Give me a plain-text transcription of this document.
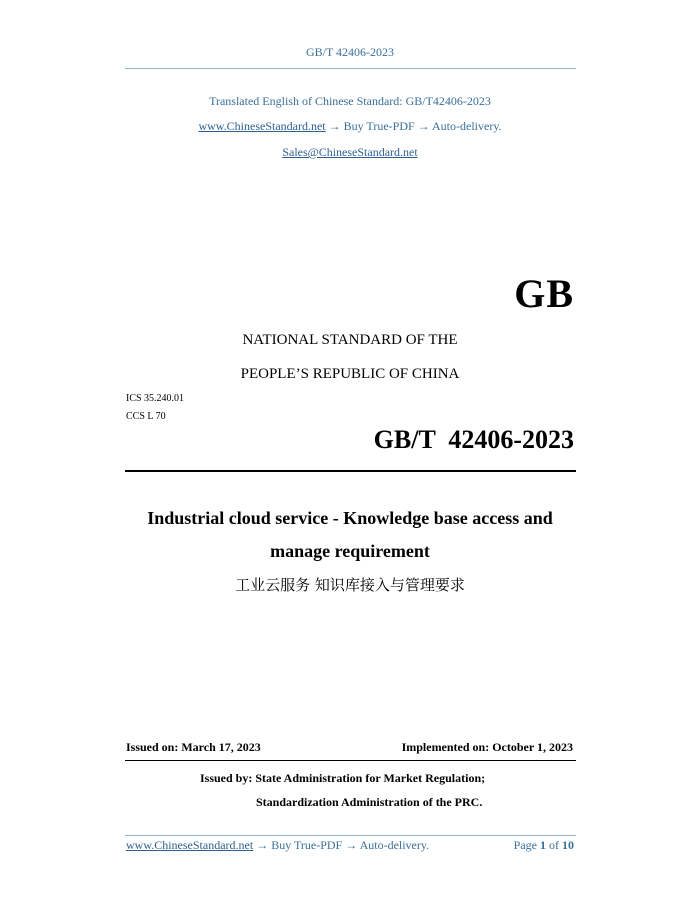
GB/T 42406-2023
Translated English of Chinese Standard: GB/T42406-2023
www.ChineseStandard.net → Buy True-PDF → Auto-delivery.
Sales@ChineseStandard.net
GB
NATIONAL STANDARD OF THE
PEOPLE’S REPUBLIC OF CHINA
ICS 35.240.01
CCS L 70
GB/T  42406-2023
Industrial cloud service - Knowledge base access and
manage requirement
工业云服务 知识库接入与管理要求
Issued on: March 17, 2023	Implemented on: October 1, 2023
Issued by: State Administration for Market Regulation;
Standardization Administration of the PRC.
www.ChineseStandard.net → Buy True-PDF → Auto-delivery.	Page 1 of 10
